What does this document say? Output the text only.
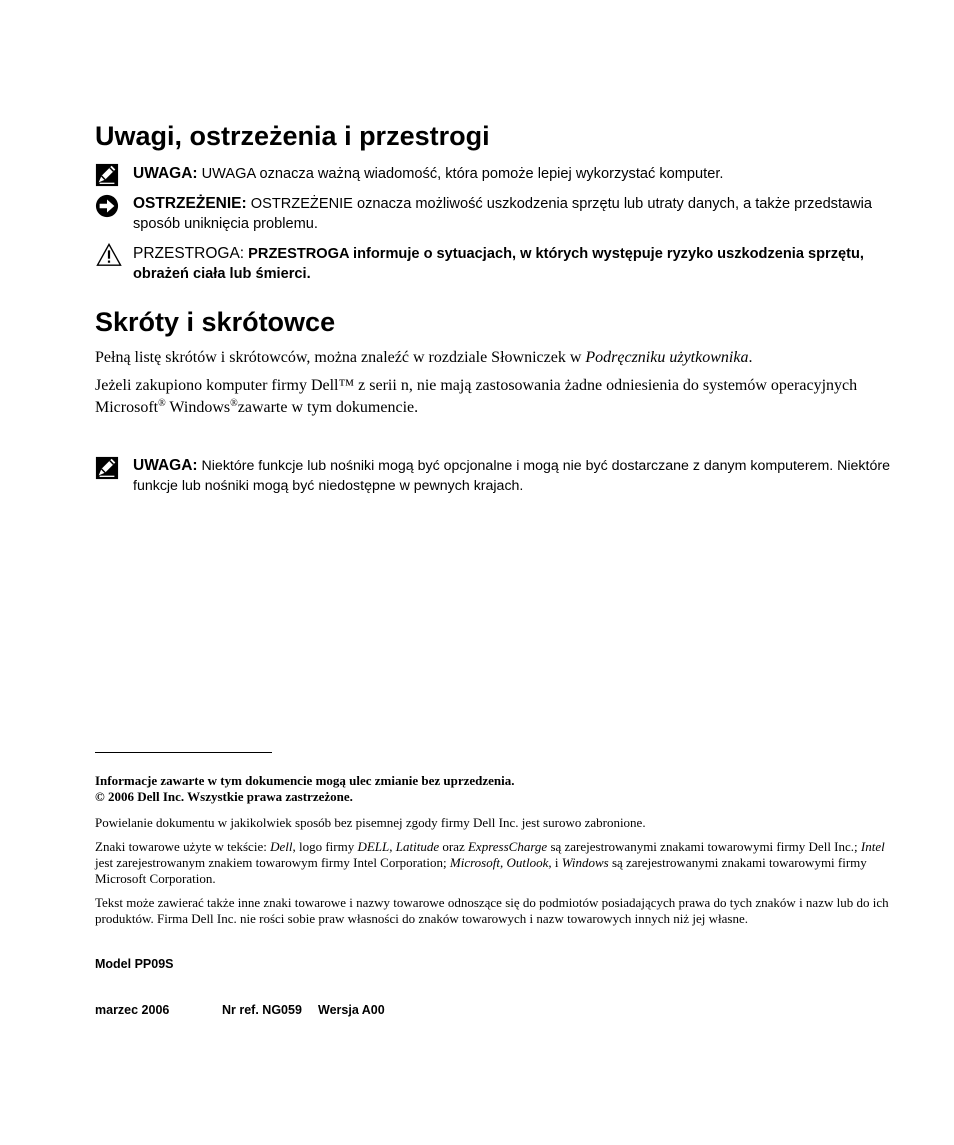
Uwagi, ostrzeżenia i przestrogi
UWAGA: UWAGA oznacza ważną wiadomość, która pomoże lepiej wykorzystać komputer.
OSTRZEŻENIE: OSTRZEŻENIE oznacza możliwość uszkodzenia sprzętu lub utraty danych, a także przedstawia sposób uniknięcia problemu.
PRZESTROGA: PRZESTROGA informuje o sytuacjach, w których występuje ryzyko uszkodzenia sprzętu, obrażeń ciała lub śmierci.
Skróty i skrótowce
Pełną listę skrótów i skrótowców, można znaleźć w rozdziale Słowniczek w Podręczniku użytkownika.
Jeżeli zakupiono komputer firmy Dell™ z serii n, nie mają zastosowania żadne odniesienia do systemów operacyjnych
Microsoft® Windows®zawarte w tym dokumencie.
UWAGA: Niektóre funkcje lub nośniki mogą być opcjonalne i mogą nie być dostarczane z danym komputerem. Niektóre funkcje lub nośniki mogą być niedostępne w pewnych krajach.
Informacje zawarte w tym dokumencie mogą ulec zmianie bez uprzedzenia.
© 2006 Dell Inc. Wszystkie prawa zastrzeżone.
Powielanie dokumentu w jakikolwiek sposób bez pisemnej zgody firmy Dell Inc. jest surowo zabronione.
Znaki towarowe użyte w tekście: Dell, logo firmy DELL, Latitude oraz ExpressCharge są zarejestrowanymi znakami towarowymi firmy Dell Inc.; Intel jest zarejestrowanym znakiem towarowym firmy Intel Corporation; Microsoft, Outlook, i Windows są zarejestrowanymi znakami towarowymi firmy Microsoft Corporation.
Tekst może zawierać także inne znaki towarowe i nazwy towarowe odnoszące się do podmiotów posiadających prawa do tych znaków i nazw lub do ich produktów. Firma Dell Inc. nie rości sobie praw własności do znaków towarowych i nazw towarowych innych niż jej własne.
Model PP09S
marzec 2006	Nr ref. NG059 Wersja A00
